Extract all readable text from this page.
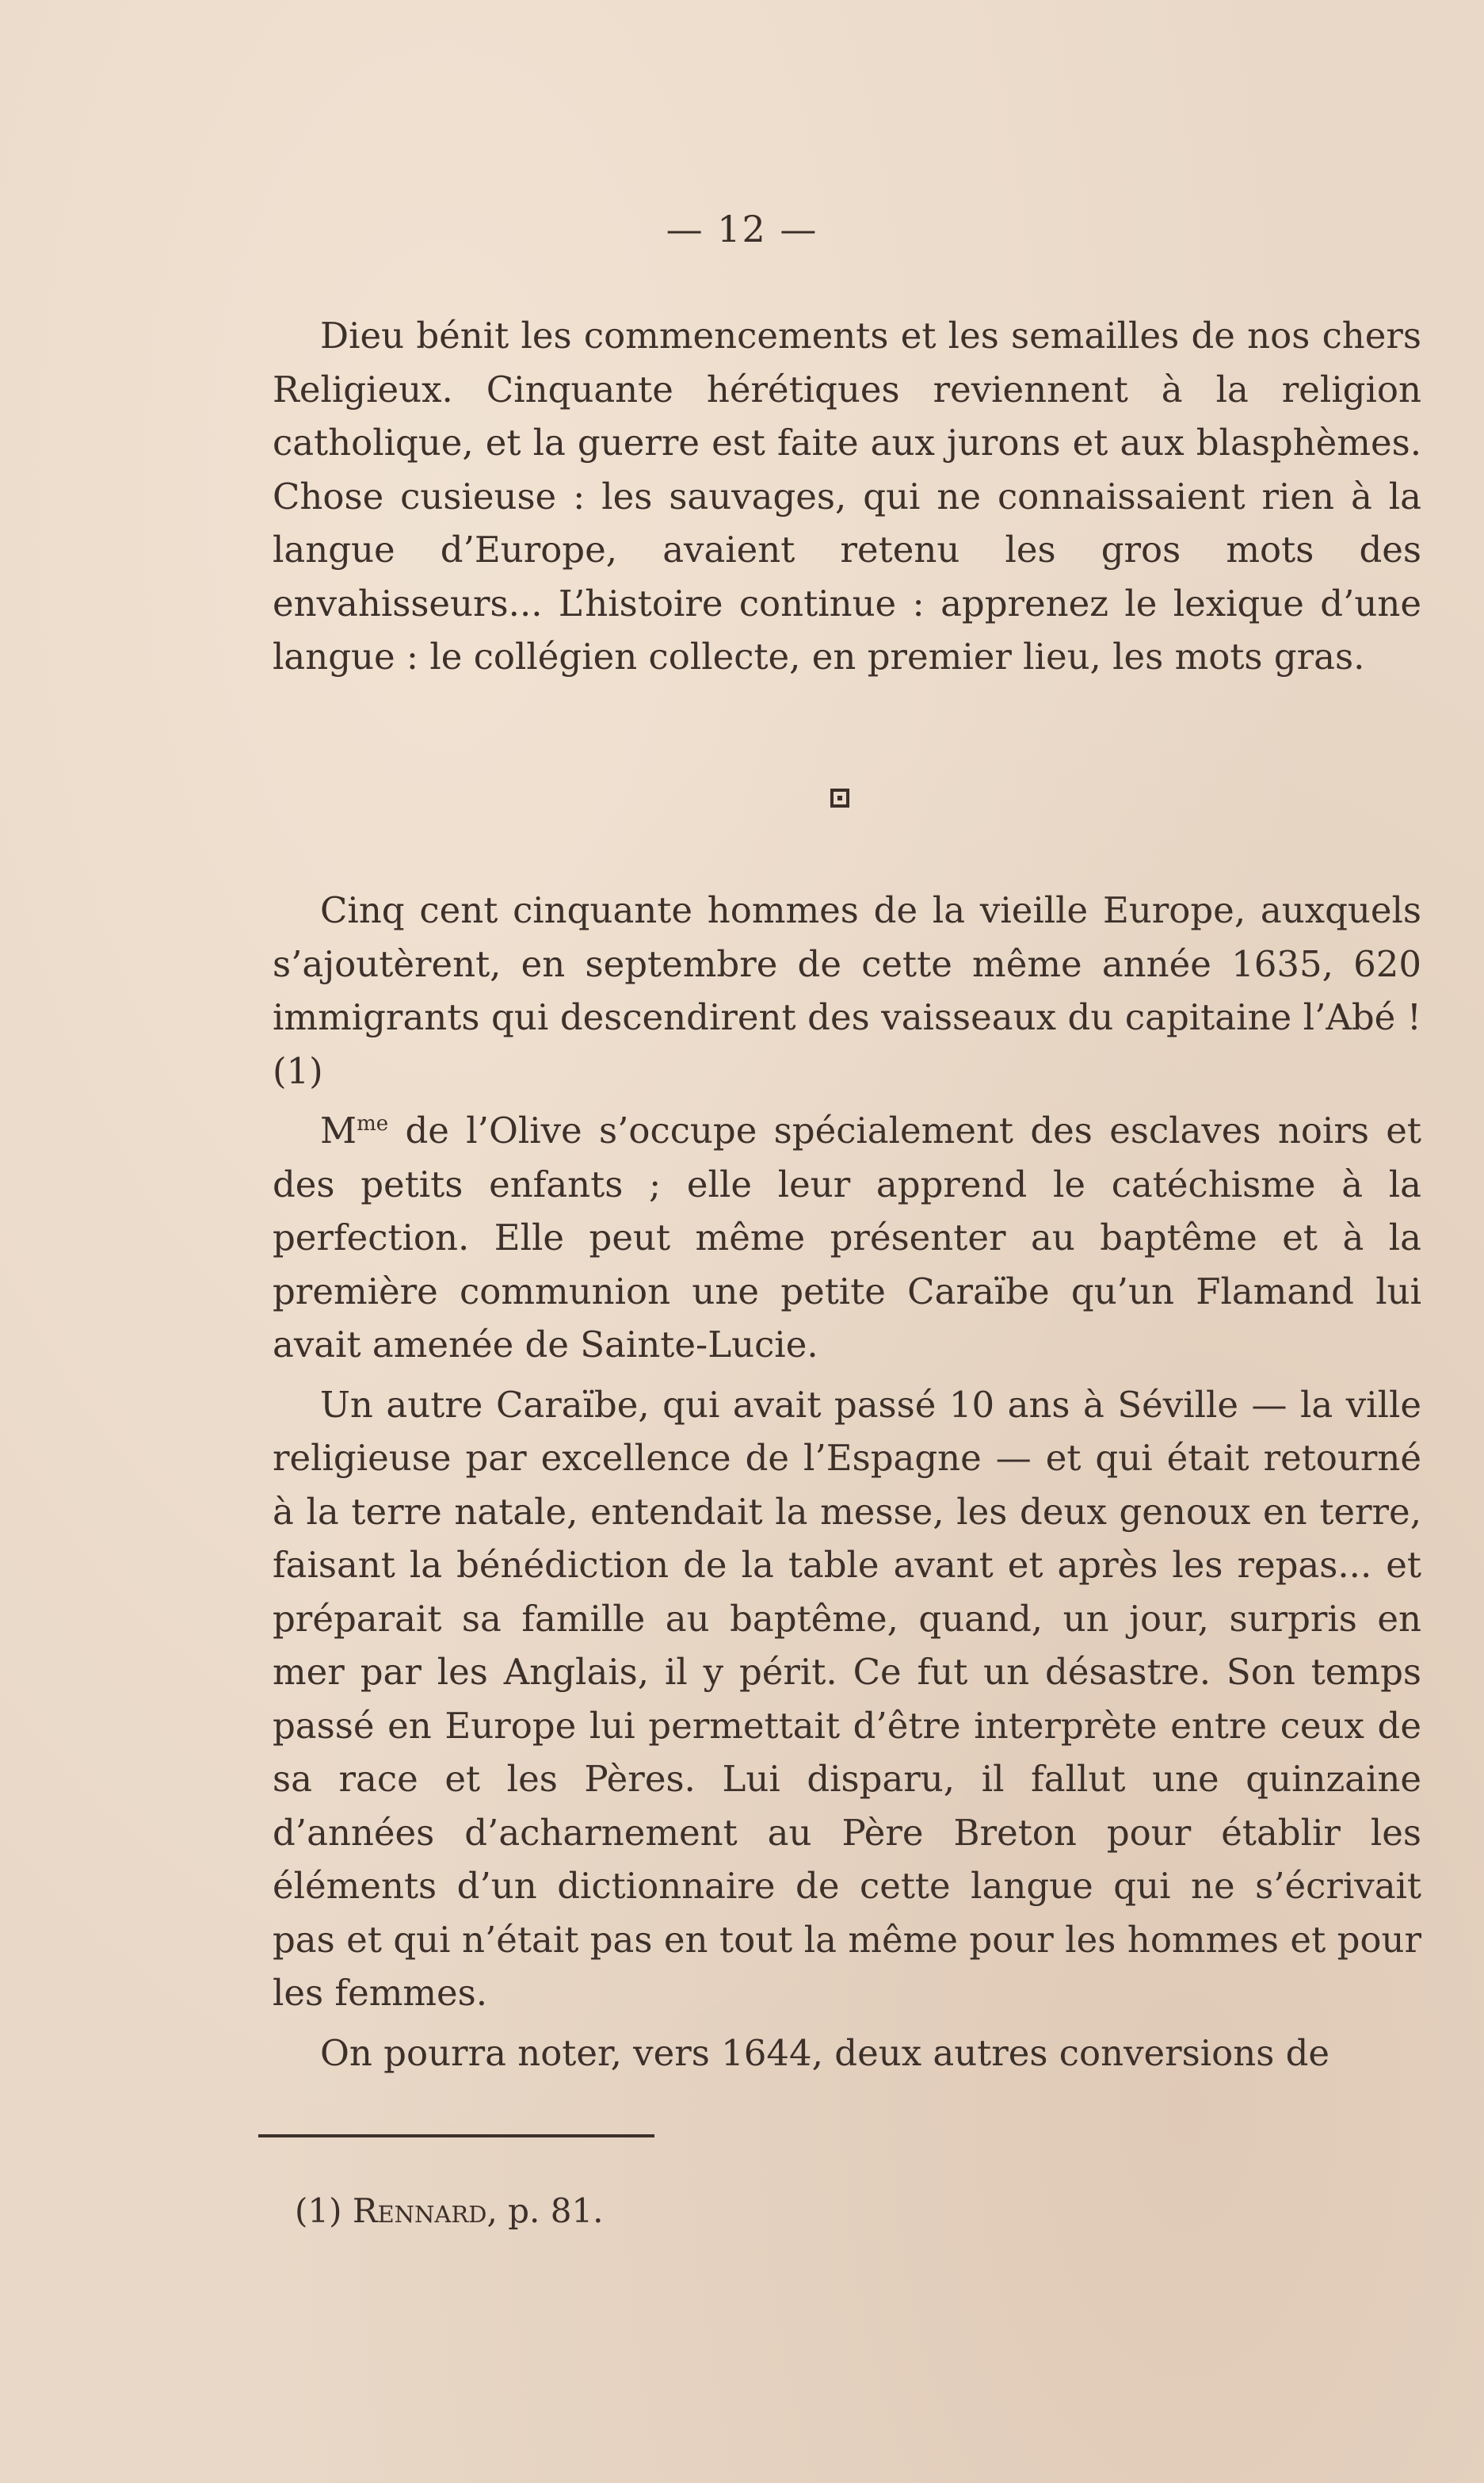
— 12 —

Dieu bénit les commencements et les semailles de nos chers Religieux. Cinquante hérétiques reviennent à la religion catholique, et la guerre est faite aux jurons et aux blasphèmes. Chose cusieuse : les sauvages, qui ne connaissaient rien à la langue d’Europe, avaient retenu les gros mots des envahisseurs... L’histoire continue : apprenez le lexique d’une langue : le collégien collecte, en premier lieu, les mots gras.

Cinq cent cinquante hommes de la vieille Europe, auxquels s’ajoutèrent, en septembre de cette même année 1635, 620 immigrants qui descendirent des vaisseaux du capitaine l’Abé ! (1)

$M^{me}$ de l’Olive s’occupe spécialement des esclaves noirs et des petits enfants ; elle leur apprend le catéchisme à la perfection. Elle peut même présenter au baptême et à la première communion une petite Caraïbe qu’un Flamand lui avait amenée de Sainte-Lucie.

Un autre Caraïbe, qui avait passé 10 ans à Séville — la ville religieuse par excellence de l’Espagne — et qui était retourné à la terre natale, entendait la messe, les deux genoux en terre, faisant la bénédiction de la table avant et après les repas... et préparait sa famille au baptême, quand, un jour, surpris en mer par les Anglais, il y périt. Ce fut un désastre. Son temps passé en Europe lui permettait d’être interprète entre ceux de sa race et les Pères. Lui disparu, il fallut une quinzaine d’années d’acharnement au Père Breton pour établir les éléments d’un dictionnaire de cette langue qui ne s’écrivait pas et qui n’était pas en tout la même pour les hommes et pour les femmes.

On pourra noter, vers 1644, deux autres conversions de

(1) Rennard, p. 81.
